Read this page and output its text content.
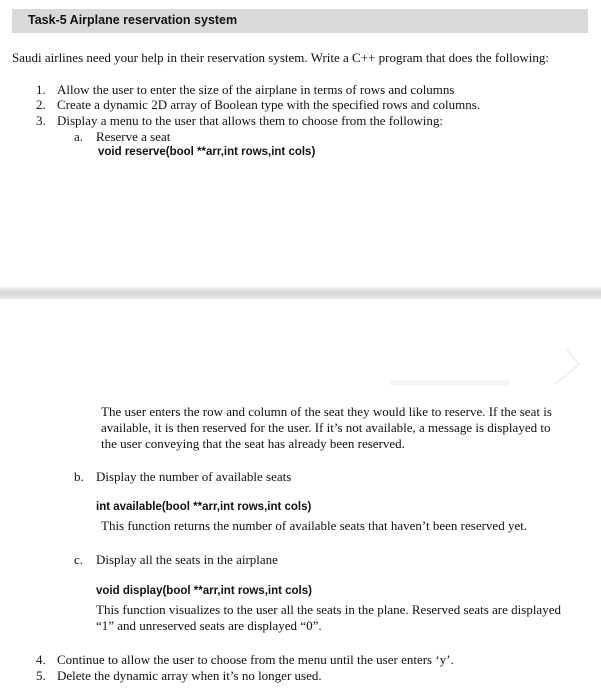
Task-5 Airplane reservation system
Saudi airlines need your help in their reservation system. Write a C++ program that does the following:
1. Allow the user to enter the size of the airplane in terms of rows and columns
2. Create a dynamic 2D array of Boolean type with the specified rows and columns.
3. Display a menu to the user that allows them to choose from the following:
a. Reserve a seat
void reserve(bool **arr,int rows,int cols)
The user enters the row and column of the seat they would like to reserve. If the seat is
available, it is then reserved for the user. If it’s not available, a message is displayed to
the user conveying that the seat has already been reserved.
b. Display the number of available seats
int available(bool **arr,int rows,int cols)
This function returns the number of available seats that haven’t been reserved yet.
c. Display all the seats in the airplane
void display(bool **arr,int rows,int cols)
This function visualizes to the user all the seats in the plane. Reserved seats are displayed
“1” and unreserved seats are displayed “0”.
4. Continue to allow the user to choose from the menu until the user enters ‘y’.
5. Delete the dynamic array when it’s no longer used.
